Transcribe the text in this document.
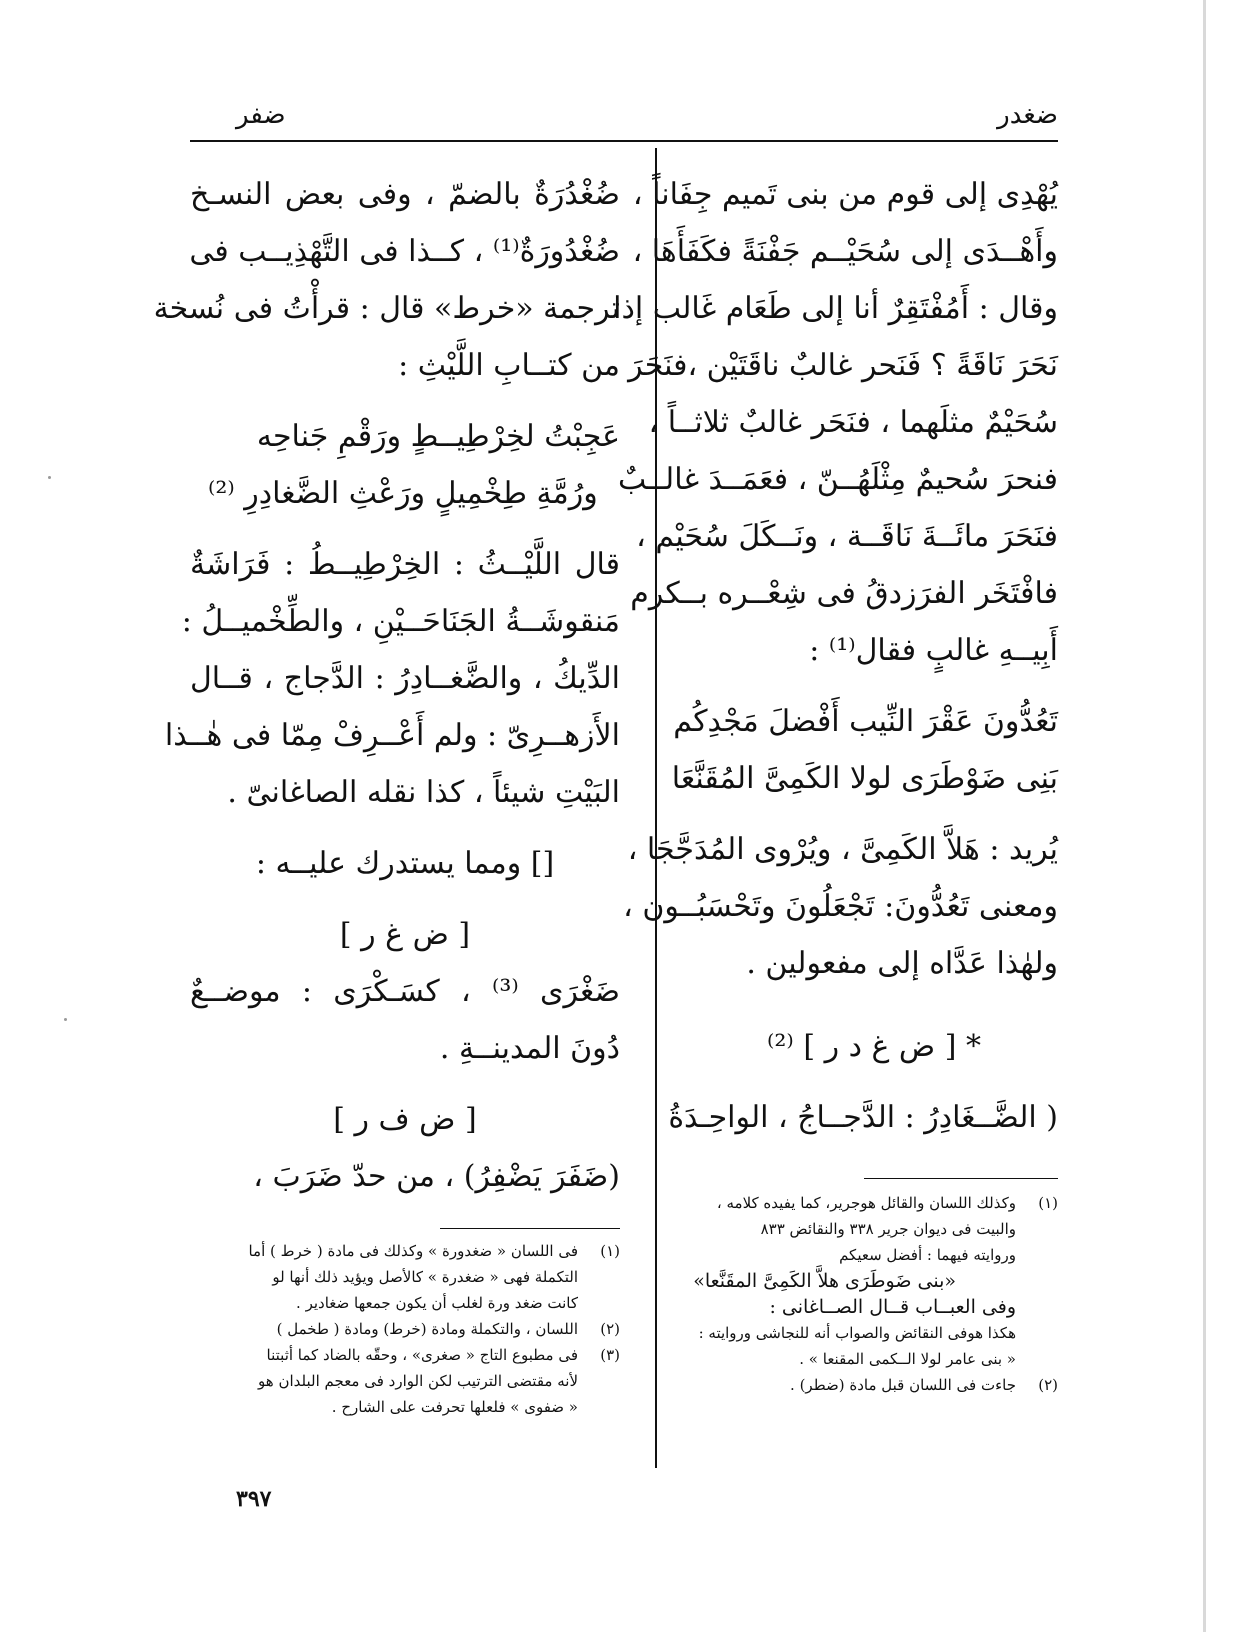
ضغدر
ضفر
يُهْدِى إلى قوم من بنى تَميم جِفَاناً ،
وأَهْــدَى إلى سُحَيْــم جَفْنَةً فكَفَأَهَا ،
وقال : أَمُفْتَقِرٌ أنا إلى طَعَام غَالب إذا
نَحَرَ نَاقَةً ؟ فَنَحر غالبٌ ناقَتَيْن ،فنَحَرَ
سُحَيْمٌ مثلَهما ، فنَحَر غالبٌ ثلاثــاً ،
فنحرَ سُحيمٌ مِثْلَهُــنّ ، فعَمَــدَ غالــبٌ
فنَحَرَ مائَــةَ نَاقَــة ، ونَــكَلَ سُحَيْم ،
فافْتَخَر الفرَزدقُ فى شِعْــره بــكرم
أَبِيــهِ غالبٍ فقال⁽¹⁾ :
تَعُدُّونَ عَقْرَ النِّيب أَفْضلَ مَجْدِكُم
بَنِى ضَوْطَرَى لولا الكَمِىَّ المُقَنَّعَا
يُريد : هَلاَّ الكَمِىَّ ، ويُرْوى المُدَجَّجَا ،
ومعنى تَعُدُّونَ: تَجْعَلُونَ وتَحْسَبُــون ،
ولهٰذا عَدَّاه إلى مفعولين .
* [ ض غ د ر ] ⁽²⁾
( الضَّــغَادِرُ : الدَّجــاجُ ، الواحِـدَةُ
ضُغْدُرَةٌ بالضمّ ، وفى بعض النسـخ
ضُغْدُورَةٌ⁽¹⁾ ، كــذا فى التَّهْذِيــب فى
ترجمة «خرط» قال : قرأْتُ فى نُسخة
من كتــابِ اللَّيْثِ :
عَجِبْتُ لخِرْطِيــطٍ ورَقْمِ جَناحِه
ورُمَّةِ طِخْمِيلٍ ورَعْثِ الضَّغادِرِ ⁽²⁾
قال اللَّيْــثُ : الخِرْطِيــطُ : فَرَاشَةٌ
مَنقوشَــةُ الجَنَاحَــيْنِ ، والطِّخْميــلُ :
الدِّيكُ ، والضَّغــادِرُ : الدَّجاج ، قــال
الأَزهــرِىّ : ولم أَعْــرِفْ مِمّا فى هٰــذا
البَيْتِ شيئاً ، كذا نقله الصاغانىّ .
[] ومما يستدرك عليــه :
[ ض غ ر ]
ضَغْرَى ⁽³⁾ ، كسَـكْرَى : موضــعٌ
دُونَ المدينــةِ .
[ ض ف ر ]
(ضَفَرَ يَضْفِرُ) ، من حدّ ضَرَبَ ،
(١)
وكذلك اللسان والقائل هوجرير، كما يفيده كلامه ،
والبيت فى ديوان جرير ٣٣٨ والنقائض ٨٣٣
وروايته فيهما : أفضل سعيكم
«بنى ضَوطَرَى هلاَّ الكَمِىَّ المقَنَّعا»
وفى العبــاب قــال الصــاغانى :
هكذا هوفى النقائض والصواب أنه للنجاشى وروايته :
« بنى عامر لولا الــكمى المقنعا » .
(٢)
جاءت فى اللسان قبل مادة (ضطر) .
(١)
فى اللسان « ضغدورة » وكذلك فى مادة ( خرط ) أما
التكملة فهى « ضغدرة » كالأصل ويؤيد ذلك أنها لو
كانت ضغد ورة لغلب أن يكون جمعها ضغادير .
(٢)
اللسان ، والتكملة ومادة (خرط) ومادة ( طخمل )
(٣)
فى مطبوع التاج « صغرى» ، وحقّه بالضاد كما أثبتنا
لأنه مقتضى الترتيب لكن الوارد فى معجم البلدان هو
« ضفوى » فلعلها تحرفت على الشارح .
٣٩٧
